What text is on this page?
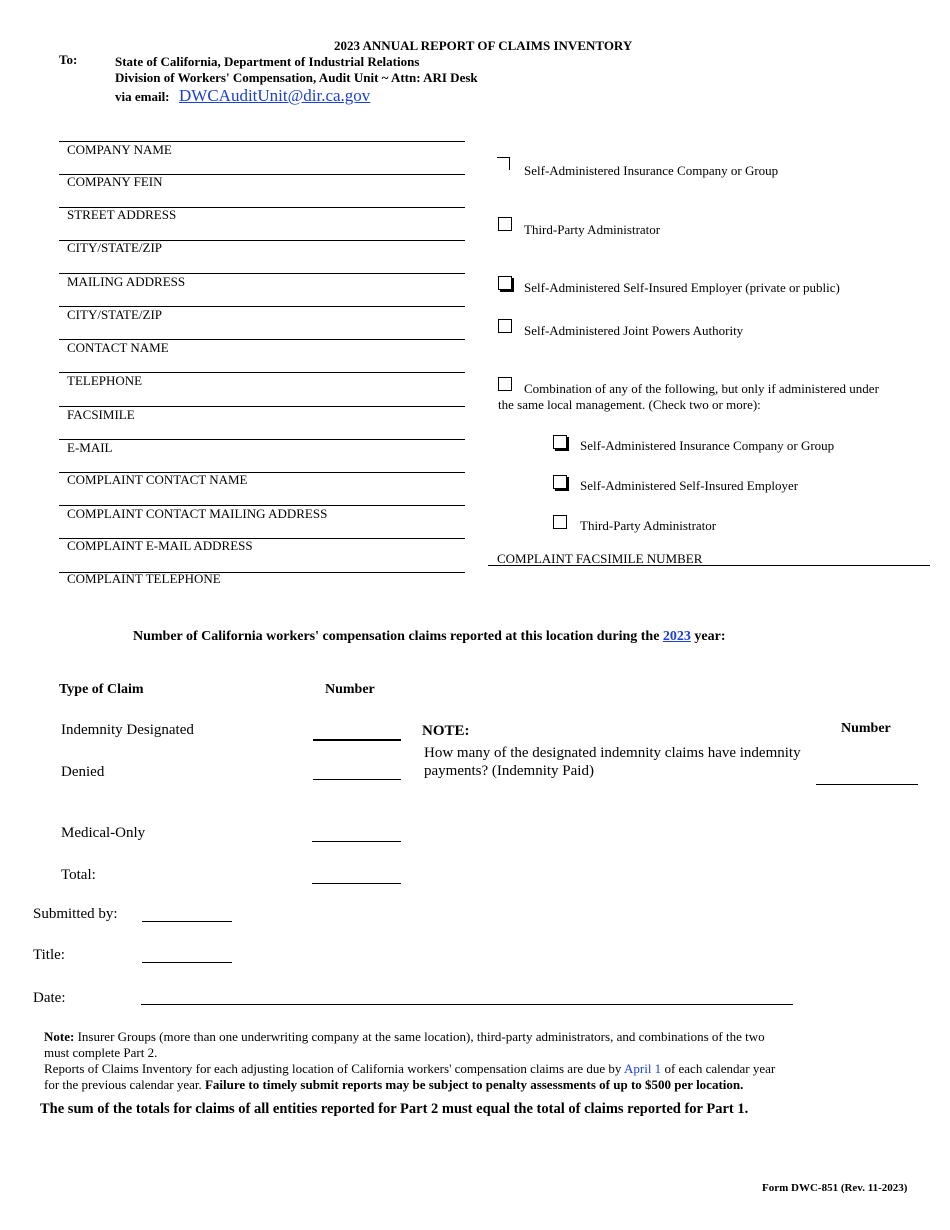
2023 ANNUAL REPORT OF CLAIMS INVENTORY
To:	State of California, Department of Industrial Relations
Division of Workers' Compensation, Audit Unit ~ Attn: ARI Desk
via email: DWCAuditUnit@dir.ca.gov
COMPANY NAME
COMPANY FEIN
STREET ADDRESS
CITY/STATE/ZIP
MAILING ADDRESS
CITY/STATE/ZIP
CONTACT NAME
TELEPHONE
FACSIMILE
E-MAIL
COMPLAINT CONTACT NAME
COMPLAINT CONTACT MAILING ADDRESS
COMPLAINT E-MAIL ADDRESS
COMPLAINT TELEPHONE
Self-Administered Insurance Company or Group
Third-Party Administrator
Self-Administered Self-Insured Employer (private or public)
Self-Administered Joint Powers Authority
Combination of any of the following, but only if administered under
the same local management. (Check two or more):
Self-Administered Insurance Company or Group
Self-Administered Self-Insured Employer
Third-Party Administrator
COMPLAINT FACSIMILE NUMBER
Number of California workers' compensation claims reported at this location during the 2023 year:
Type of Claim	Number
Indemnity Designated
Denied
Medical-Only
Total:
NOTE:
How many of the designated indemnity claims have indemnity
payments? (Indemnity Paid)
Number
Submitted by:
Title:
Date:
Note: Insurer Groups (more than one underwriting company at the same location), third-party administrators, and combinations of the two
must complete Part 2.
Reports of Claims Inventory for each adjusting location of California workers' compensation claims are due by April 1 of each calendar year
for the previous calendar year. Failure to timely submit reports may be subject to penalty assessments of up to $500 per location.
The sum of the totals for claims of all entities reported for Part 2 must equal the total of claims reported for Part 1.
Form DWC-851 (Rev. 11-2023)
